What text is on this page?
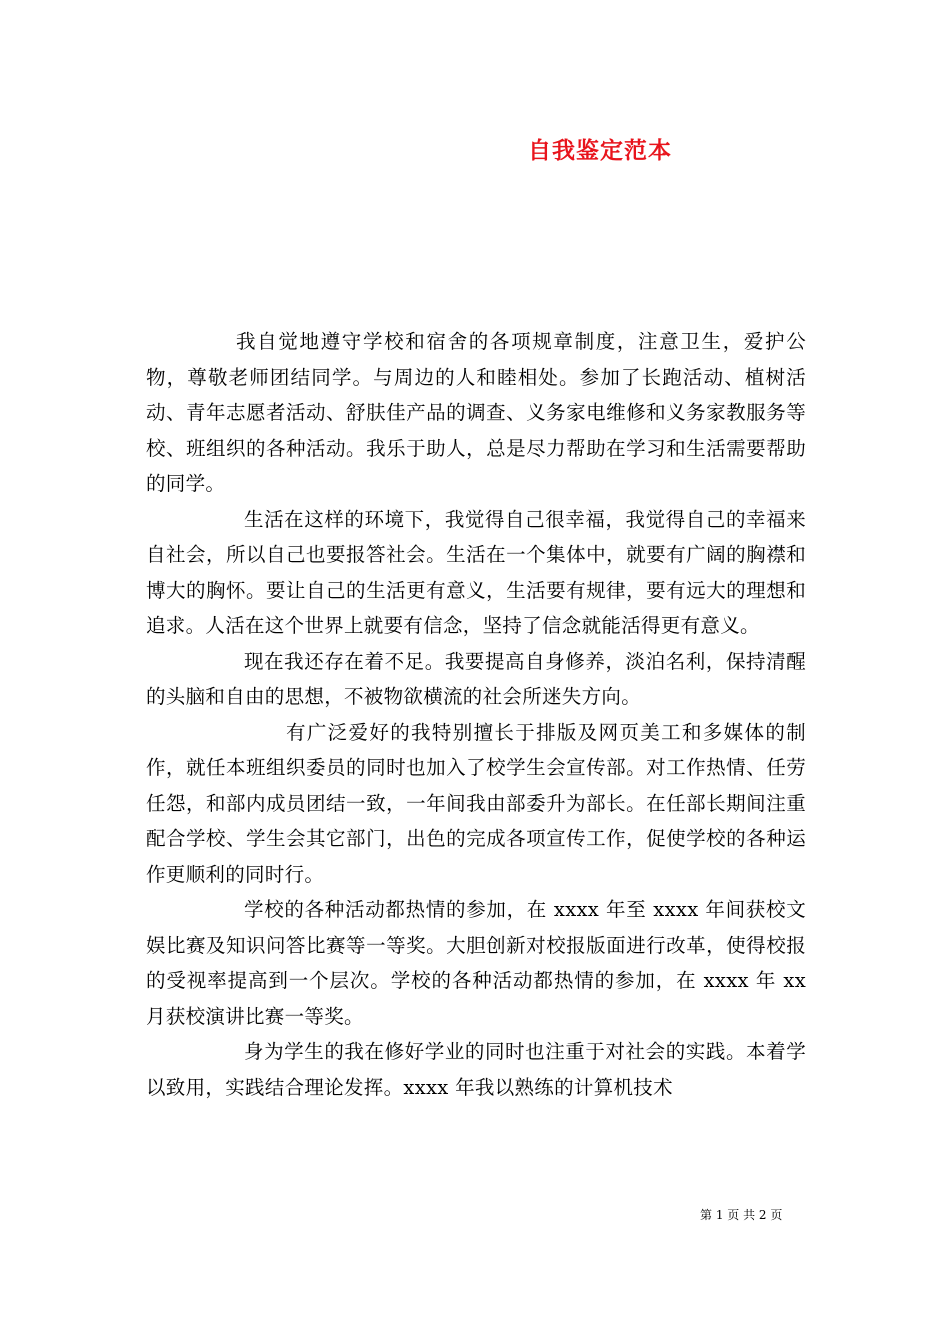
自我鉴定范本

我自觉地遵守学校和宿舍的各项规章制度，注意卫生，爱护公物，尊敬老师团结同学。与周边的人和睦相处。参加了长跑活动、植树活动、青年志愿者活动、舒肤佳产品的调查、义务家电维修和义务家教服务等校、班组织的各种活动。我乐于助人，总是尽力帮助在学习和生活需要帮助的同学。

生活在这样的环境下，我觉得自己很幸福，我觉得自己的幸福来自社会，所以自己也要报答社会。生活在一个集体中，就要有广阔的胸襟和博大的胸怀。要让自己的生活更有意义，生活要有规律，要有远大的理想和追求。人活在这个世界上就要有信念，坚持了信念就能活得更有意义。

现在我还存在着不足。我要提高自身修养，淡泊名利，保持清醒的头脑和自由的思想，不被物欲横流的社会所迷失方向。

有广泛爱好的我特别擅长于排版及网页美工和多媒体的制作，就任本班组织委员的同时也加入了校学生会宣传部。对工作热情、任劳任怨，和部内成员团结一致，一年间我由部委升为部长。在任部长期间注重配合学校、学生会其它部门，出色的完成各项宣传工作，促使学校的各种运作更顺利的同时行。

学校的各种活动都热情的参加，在 xxxx 年至 xxxx 年间获校文娱比赛及知识问答比赛等一等奖。大胆创新对校报版面进行改革，使得校报的受视率提高到一个层次。学校的各种活动都热情的参加，在 xxxx 年 xx 月获校演讲比赛一等奖。

身为学生的我在修好学业的同时也注重于对社会的实践。本着学以致用，实践结合理论发挥。xxxx 年我以熟练的计算机技术

第 1 页 共 2 页
